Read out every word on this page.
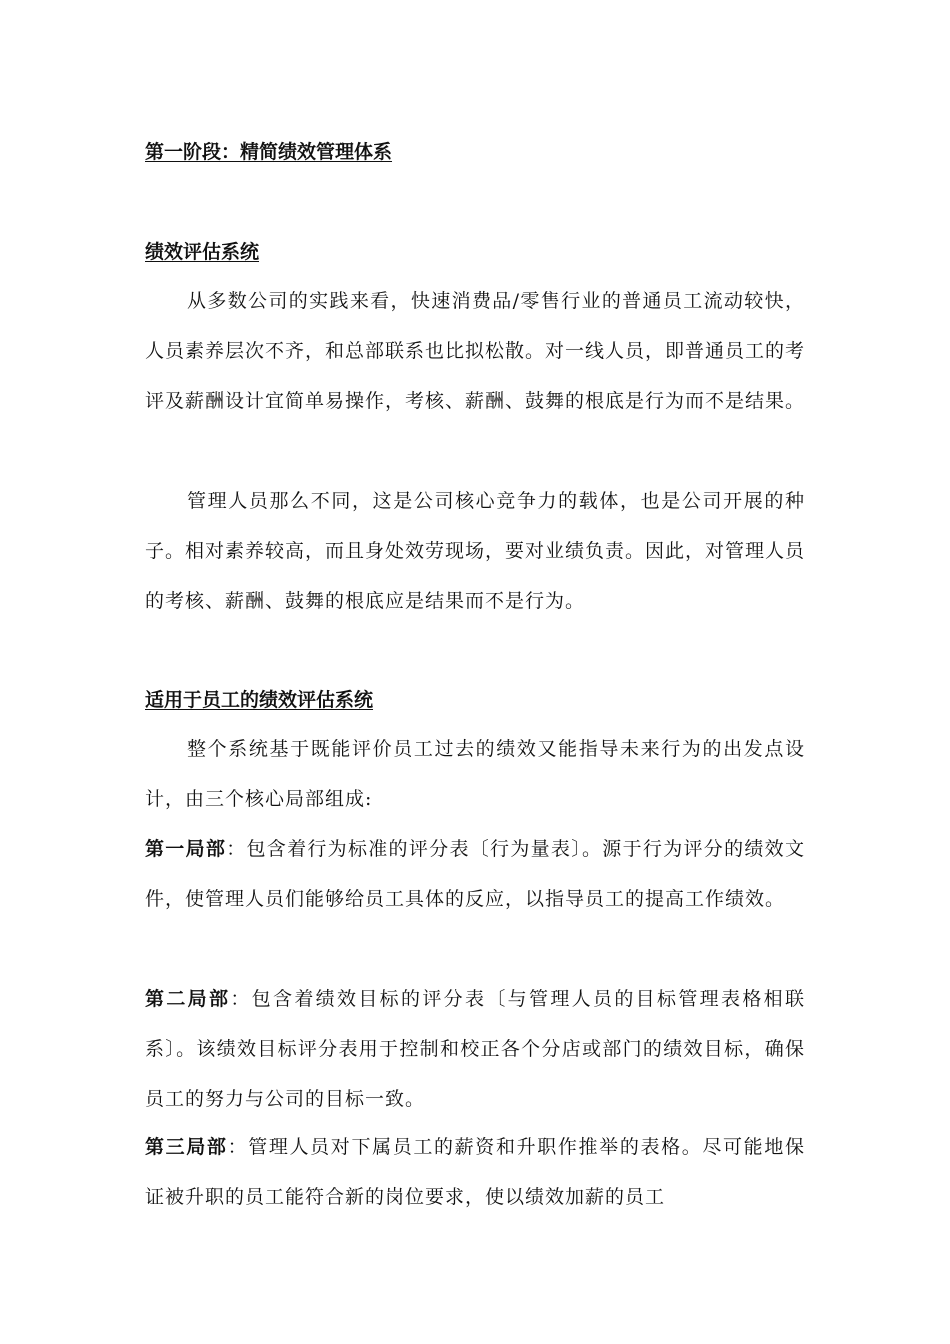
第一阶段：精简绩效管理体系
绩效评估系统

从多数公司的实践来看，快速消费品/零售行业的普通员工流动较快，人员素养层次不齐，和总部联系也比拟松散。对一线人员，即普通员工的考评及薪酬设计宜简单易操作，考核、薪酬、鼓舞的根底是行为而不是结果。

管理人员那么不同，这是公司核心竞争力的载体，也是公司开展的种子。相对素养较高，而且身处效劳现场，要对业绩负责。因此，对管理人员的考核、薪酬、鼓舞的根底应是结果而不是行为。

适用于员工的绩效评估系统

整个系统基于既能评价员工过去的绩效又能指导未来行为的出发点设计，由三个核心局部组成:

第一局部：包含着行为标准的评分表〔行为量表〕。源于行为评分的绩效文件，使管理人员们能够给员工具体的反应，以指导员工的提高工作绩效。

第二局部：包含着绩效目标的评分表〔与管理人员的目标管理表格相联系〕。该绩效目标评分表用于控制和校正各个分店或部门的绩效目标，确保员工的努力与公司的目标一致。

第三局部：管理人员对下属员工的薪资和升职作推举的表格。尽可能地保证被升职的员工能符合新的岗位要求，使以绩效加薪的员工
